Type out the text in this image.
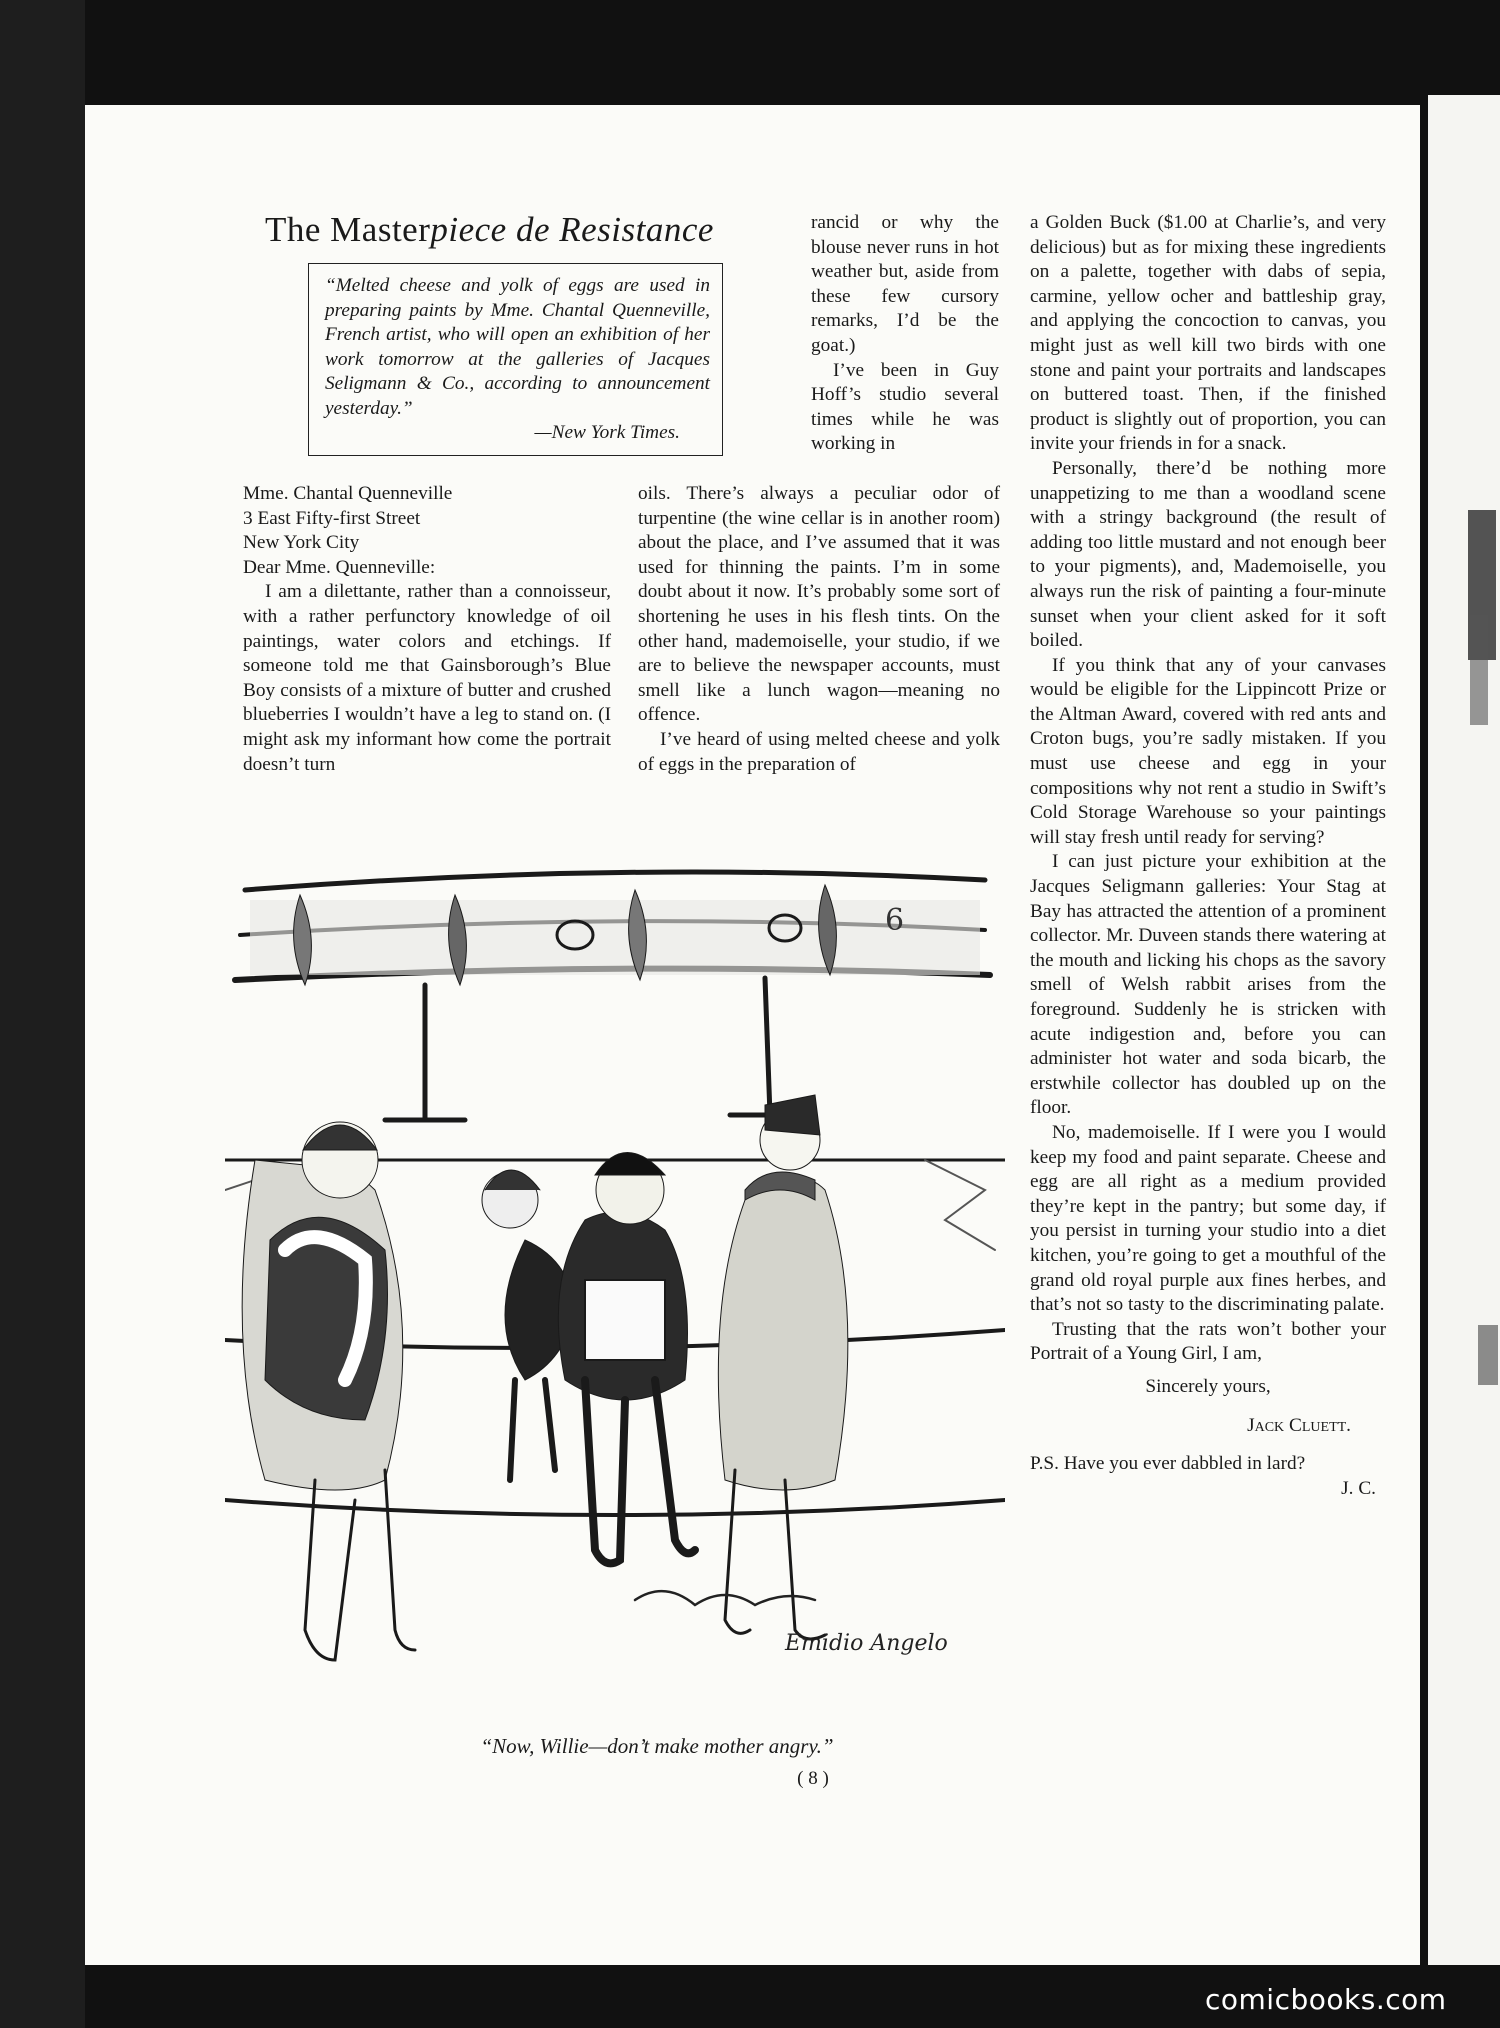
The Masterpiece de Resistance
“Melted cheese and yolk of eggs are used in preparing paints by Mme. Chantal Quenneville, French artist, who will open an exhibition of her work tomorrow at the galleries of Jacques Seligmann & Co., according to announcement yesterday.”
—New York Times.

Mme. Chantal Quenneville

3 East Fifty-first Street

New York City

Dear Mme. Quenneville:

I am a dilettante, rather than a connoisseur, with a rather perfunctory knowledge of oil paintings, water colors and etchings. If someone told me that Gainsborough’s Blue Boy consists of a mixture of butter and crushed blueberries I wouldn’t have a leg to stand on. (I might ask my informant how come the portrait doesn’t turn

rancid or why the blouse never runs in hot weather but, aside from these few cursory remarks, I’d be the goat.)

I’ve been in Guy Hoff’s studio several times while he was working in

oils. There’s always a peculiar odor of turpentine (the wine cellar is in another room) about the place, and I’ve assumed that it was used for thinning the paints. I’m in some doubt about it now. It’s probably some sort of shortening he uses in his flesh tints. On the other hand, mademoiselle, your studio, if we are to believe the newspaper accounts, must smell like a lunch wagon—meaning no offence.

I’ve heard of using melted cheese and yolk of eggs in the preparation of

a Golden Buck ($1.00 at Charlie’s, and very delicious) but as for mixing these ingredients on a palette, together with dabs of sepia, carmine, yellow ocher and battleship gray, and applying the concoction to canvas, you might just as well kill two birds with one stone and paint your portraits and landscapes on buttered toast. Then, if the finished product is slightly out of proportion, you can invite your friends in for a snack.

Personally, there’d be nothing more unappetizing to me than a woodland scene with a stringy background (the result of adding too little mustard and not enough beer to your pigments), and, Mademoiselle, you always run the risk of painting a four-minute sunset when your client asked for it soft boiled.

If you think that any of your canvases would be eligible for the Lippincott Prize or the Altman Award, covered with red ants and Croton bugs, you’re sadly mistaken. If you must use cheese and egg in your compositions why not rent a studio in Swift’s Cold Storage Warehouse so your paintings will stay fresh until ready for serving?

I can just picture your exhibition at the Jacques Seligmann galleries: Your Stag at Bay has attracted the attention of a prominent collector. Mr. Duveen stands there watering at the mouth and licking his chops as the savory smell of Welsh rabbit arises from the foreground. Suddenly he is stricken with acute indigestion and, before you can administer hot water and soda bicarb, the erstwhile collector has doubled up on the floor.

No, mademoiselle. If I were you I would keep my food and paint separate. Cheese and egg are all right as a medium provided they’re kept in the pantry; but some day, if you persist in turning your studio into a diet kitchen, you’re going to get a mouthful of the grand old royal purple aux fines herbes, and that’s not so tasty to the discriminating palate.

Trusting that the rats won’t bother your Portrait of a Young Girl, I am,

Sincerely yours,

Jack Cluett.

P.S. Have you ever dabbled in lard?

J. C.

6
Emidio Angelo
“Now, Willie—don’t make mother angry.”
( 8 )
comicbooks.com
